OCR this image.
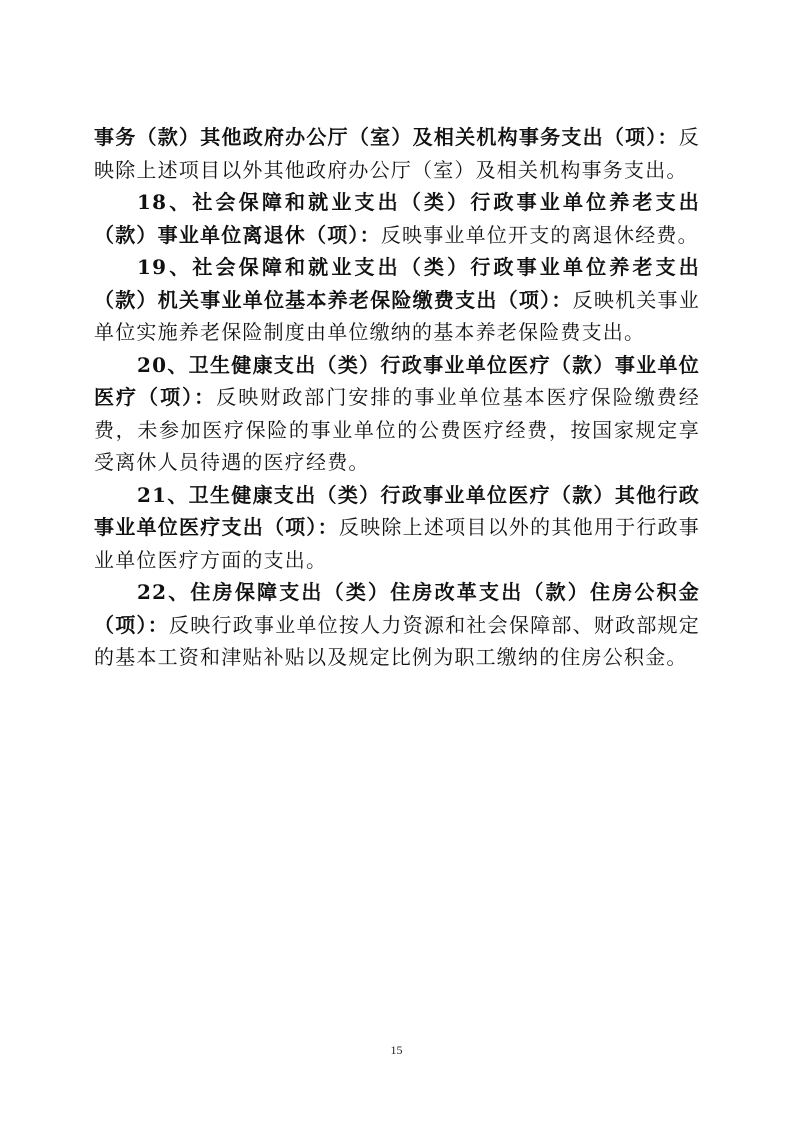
事务（款）其他政府办公厅（室）及相关机构事务支出（项）：反映除上述项目以外其他政府办公厅（室）及相关机构事务支出。

18、社会保障和就业支出（类）行政事业单位养老支出（款）事业单位离退休（项）：反映事业单位开支的离退休经费。

19、社会保障和就业支出（类）行政事业单位养老支出（款）机关事业单位基本养老保险缴费支出（项）：反映机关事业单位实施养老保险制度由单位缴纳的基本养老保险费支出。

20、卫生健康支出（类）行政事业单位医疗（款）事业单位医疗（项）：反映财政部门安排的事业单位基本医疗保险缴费经费，未参加医疗保险的事业单位的公费医疗经费，按国家规定享受离休人员待遇的医疗经费。

21、卫生健康支出（类）行政事业单位医疗（款）其他行政事业单位医疗支出（项）：反映除上述项目以外的其他用于行政事业单位医疗方面的支出。

22、住房保障支出（类）住房改革支出（款）住房公积金（项）：反映行政事业单位按人力资源和社会保障部、财政部规定的基本工资和津贴补贴以及规定比例为职工缴纳的住房公积金。

15
